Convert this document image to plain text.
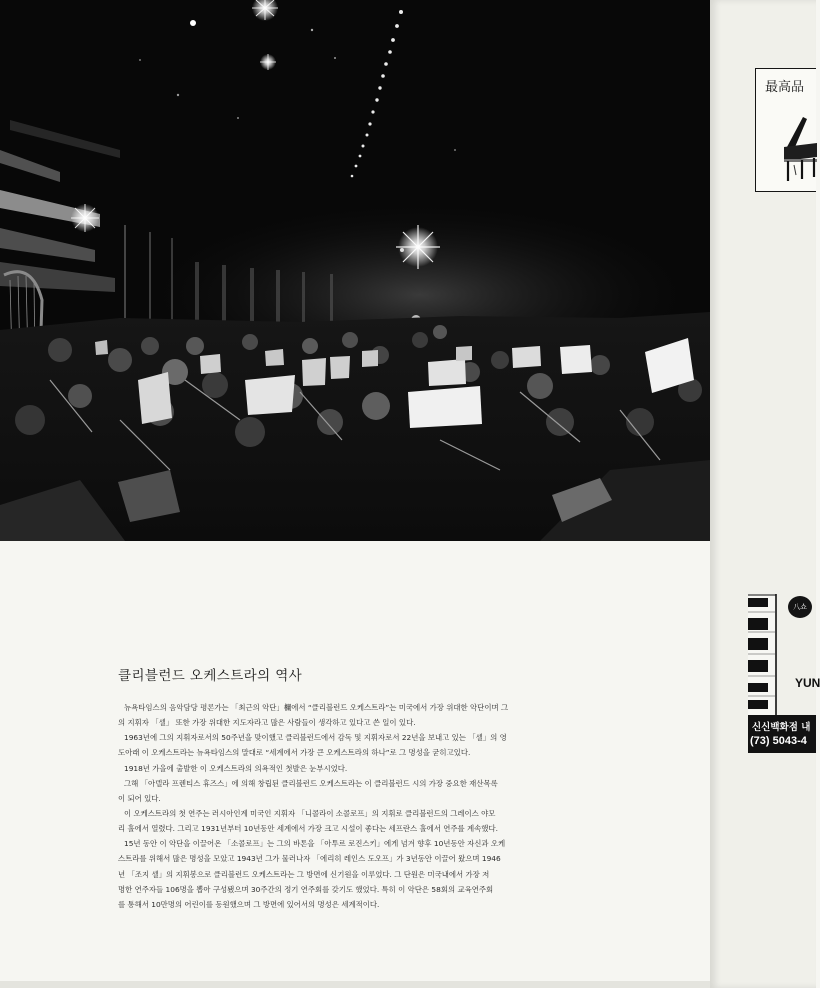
最高品
八쇼
YUN
신신백화점 내
(73) 5043-4
클리블런드 오케스트라의 역사
뉴욕타임스의 음악담당 평론가는 「최근의 악단」欄에서 “클리블런드 오케스트라”는 미국에서 가장 위대한 악단이며 그
의 지휘자 「셀」 또한 가장 위대한 지도자라고 많은 사람들이 생각하고 있다고 쓴 일이 있다.
1963년에 그의 지휘자로서의 50주년을 맞이했고 클리블런드에서 감독 및 지휘자로서 22년을 보내고 있는 「셀」의 영
도아래 이 오케스트라는 뉴욕타임스의 말대로 “세계에서 가장 큰 오케스트라의 하나”로 그 명성을 굳히고있다.
1918년 가을에 출발한 이 오케스트라의 의욕적인 첫발은 눈부시었다.
그해 「아델라 프렌티스 휴즈스」에 의해 창립된 클리블런드 오케스트라는 이 클리블런드 시의 가장 중요한 재산목록
이 되어 있다.
이 오케스트라의 첫 연주는 러시아인계 미국인 지휘자 「니콜라이 소콜로프」의 지휘로 클리블런드의 그레이스 야모
리 홀에서 열렸다. 그리고 1931년부터 10년동안 세계에서 가장 크고 시설이 좋다는 세프란스 홀에서 연주를 계속했다.
15년 동안 이 악단을 이끌어온 「소콜로프」는 그의 바톤을 「아투르 로진스키」에게 넘겨 향후 10년동안 자신과 오케
스트라를 위해서 많은 명성을 모았고 1943년 그가 물러나자 「에리히 레인스 도오프」가 3년동안 이끌어 왔으며 1946
년 「조지 셀」의 지휘봉으로 클리블런드 오케스트라는 그 방면에 신기원을 이루었다. 그 단원은 미국내에서 가장 저
명한 연주자들 106명을 뽑아 구성됐으며 30주간의 정기 연주회를 갖기도 했었다. 특히 이 악단은 58회의 교육연주회
를 통해서 10만명의 어린이를 동원했으며 그 방면에 있어서의 명성은 세계적이다.
